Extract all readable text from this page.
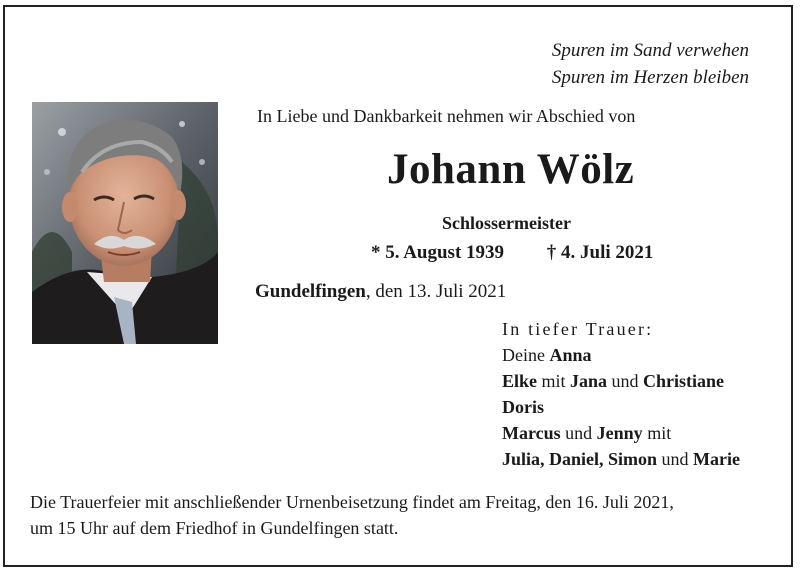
Spuren im Sand verwehen
Spuren im Herzen bleiben
In Liebe und Dankbarkeit nehmen wir Abschied von
Johann Wölz
Schlossermeister
* 5. August 1939 † 4. Juli 2021
Gundelfingen, den 13. Juli 2021
In tiefer Trauer:
Deine Anna
Elke mit Jana und Christiane
Doris
Marcus und Jenny mit
Julia, Daniel, Simon und Marie
Die Trauerfeier mit anschließender Urnenbeisetzung findet am Freitag, den 16. Juli 2021,
um 15 Uhr auf dem Friedhof in Gundelfingen statt.
